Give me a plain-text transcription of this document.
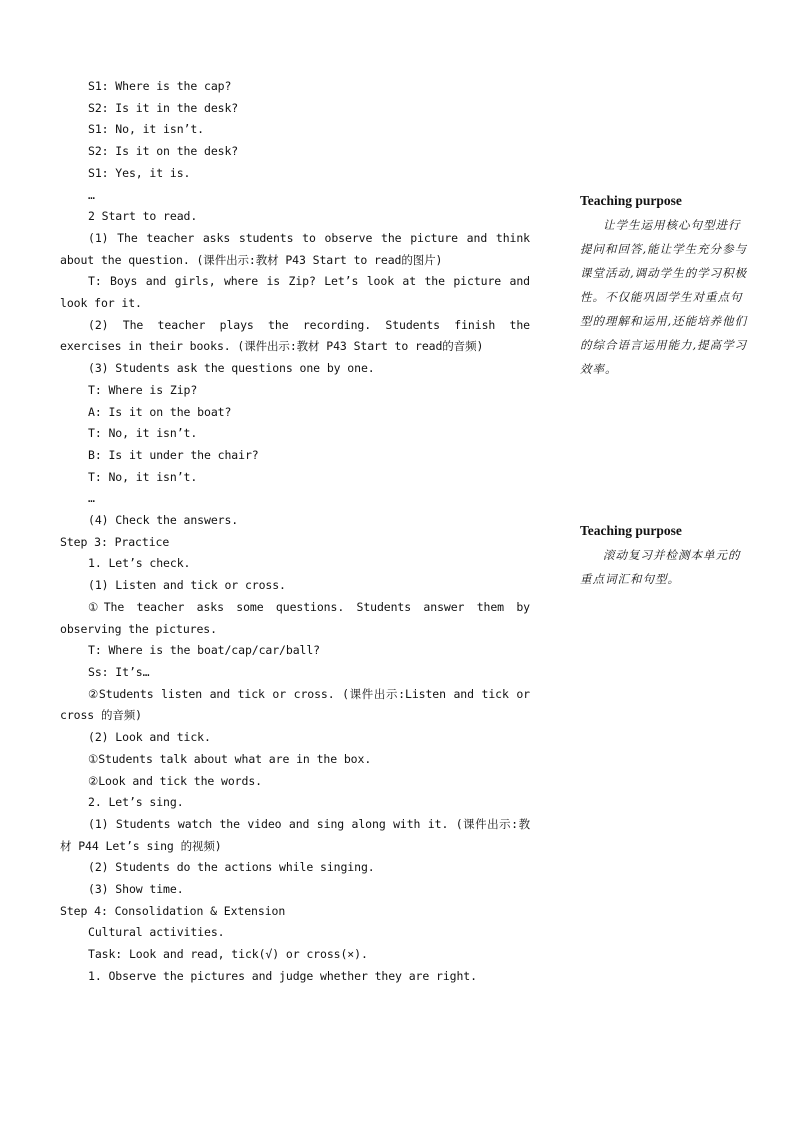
S1: Where is the cap?
S2: Is it in the desk?
S1: No, it isn’t.
S2: Is it on the desk?
S1: Yes, it is.
…
2 Start to read.
(1) The teacher asks students to observe the picture and think about the question. (课件出示:教材 P43 Start to read的图片)
T: Boys and girls, where is Zip? Let’s look at the picture and look for it.
(2) The teacher plays the recording. Students finish the exercises in their books. (课件出示:教材 P43 Start to read的音频)
(3) Students ask the questions one by one.
T: Where is Zip?
A: Is it on the boat?
T: No, it isn’t.
B: Is it under the chair?
T: No, it isn’t.
…
(4) Check the answers.
Step 3: Practice
1. Let’s check.
(1) Listen and tick or cross.
①The teacher asks some questions. Students answer them by observing the pictures.
T: Where is the boat/cap/car/ball?
Ss: It’s…
②Students listen and tick or cross. (课件出示:Listen and tick or cross 的音频)
(2) Look and tick.
①Students talk about what are in the box.
②Look and tick the words.
2. Let’s sing.
(1) Students watch the video and sing along with it. (课件出示:教材 P44 Let’s sing 的视频)
(2) Students do the actions while singing.
(3) Show time.
Step 4: Consolidation & Extension
Cultural activities.
Task: Look and read, tick(√) or cross(×).
1. Observe the pictures and judge whether they are right.
Teaching purpose

让学生运用核心句型进行提问和回答,能让学生充分参与课堂活动,调动学生的学习积极性。不仅能巩固学生对重点句型的理解和运用,还能培养他们的综合语言运用能力,提高学习效率。

Teaching purpose

滚动复习并检测本单元的重点词汇和句型。
